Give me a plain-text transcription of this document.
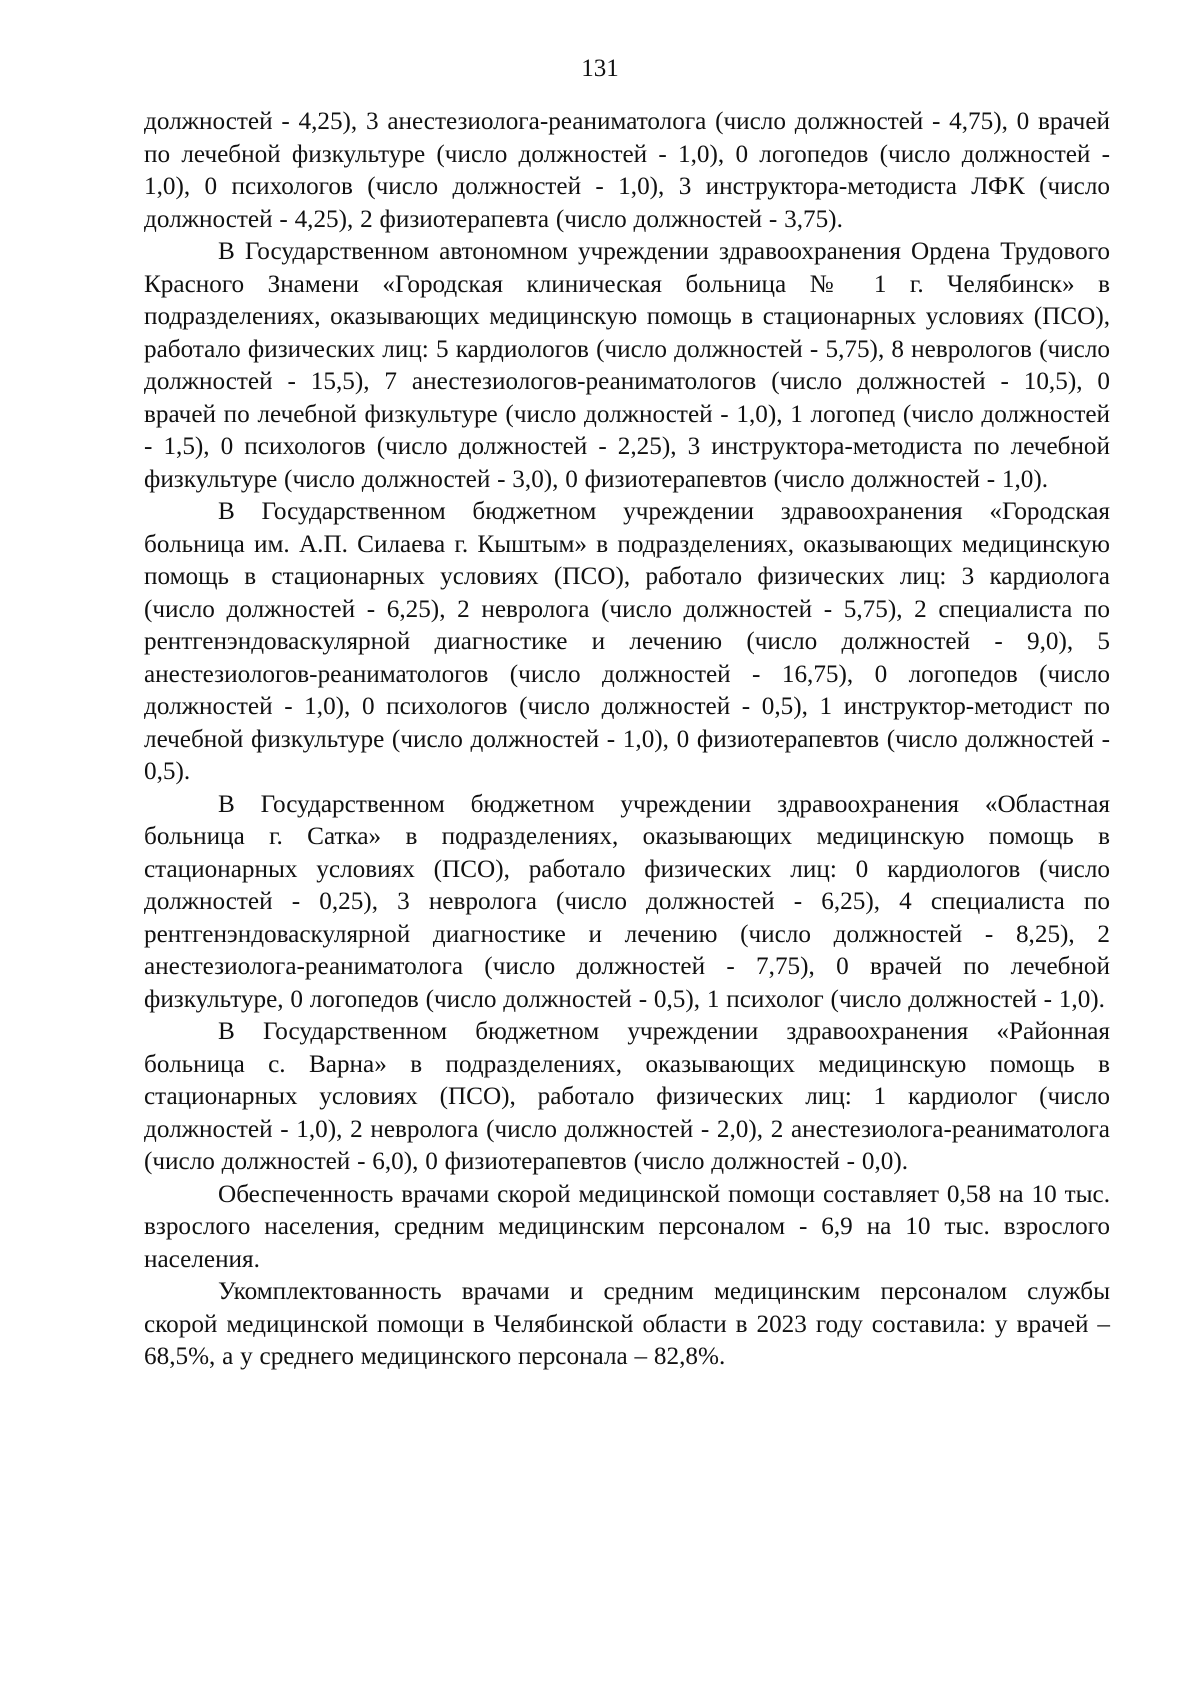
131

должностей - 4,25), 3 анестезиолога-реаниматолога (число должностей - 4,75), 0 врачей по лечебной физкультуре (число должностей - 1,0), 0 логопедов (число должностей - 1,0), 0 психологов (число должностей - 1,0), 3 инструктора-методиста ЛФК (число должностей - 4,25), 2 физиотерапевта (число должностей - 3,75).

В Государственном автономном учреждении здравоохранения Ордена Трудового Красного Знамени «Городская клиническая больница № 1 г. Челябинск» в подразделениях, оказывающих медицинскую помощь в стационарных условиях (ПСО), работало физических лиц: 5 кардиологов (число должностей - 5,75), 8 неврологов (число должностей - 15,5), 7 анестезиологов-реаниматологов (число должностей - 10,5), 0 врачей по лечебной физкультуре (число должностей - 1,0), 1 логопед (число должностей - 1,5), 0 психологов (число должностей - 2,25), 3 инструктора-методиста по лечебной физкультуре (число должностей - 3,0), 0 физиотерапевтов (число должностей - 1,0).

В Государственном бюджетном учреждении здравоохранения «Городская больница им. А.П. Силаева г. Кыштым» в подразделениях, оказывающих медицинскую помощь в стационарных условиях (ПСО), работало физических лиц: 3 кардиолога (число должностей - 6,25), 2 невролога (число должностей - 5,75), 2 специалиста по рентгенэндоваскулярной диагностике и лечению (число должностей - 9,0), 5 анестезиологов-реаниматологов (число должностей - 16,75), 0 логопедов (число должностей - 1,0), 0 психологов (число должностей - 0,5), 1 инструктор-методист по лечебной физкультуре (число должностей - 1,0), 0 физиотерапевтов (число должностей - 0,5).

В Государственном бюджетном учреждении здравоохранения «Областная больница г. Сатка» в подразделениях, оказывающих медицинскую помощь в стационарных условиях (ПСО), работало физических лиц: 0 кардиологов (число должностей - 0,25), 3 невролога (число должностей - 6,25), 4 специалиста по рентгенэндоваскулярной диагностике и лечению (число должностей - 8,25), 2 анестезиолога-реаниматолога (число должностей - 7,75), 0 врачей по лечебной физкультуре, 0 логопедов (число должностей - 0,5), 1 психолог (число должностей - 1,0).

В Государственном бюджетном учреждении здравоохранения «Районная больница с. Варна» в подразделениях, оказывающих медицинскую помощь в стационарных условиях (ПСО), работало физических лиц: 1 кардиолог (число должностей - 1,0), 2 невролога (число должностей - 2,0), 2 анестезиолога-реаниматолога (число должностей - 6,0), 0 физиотерапевтов (число должностей - 0,0).

Обеспеченность врачами скорой медицинской помощи составляет 0,58 на 10 тыс. взрослого населения, средним медицинским персоналом - 6,9 на 10 тыс. взрослого населения.

Укомплектованность врачами и средним медицинским персоналом службы скорой медицинской помощи в Челябинской области в 2023 году составила: у врачей – 68,5%, а у среднего медицинского персонала – 82,8%.
